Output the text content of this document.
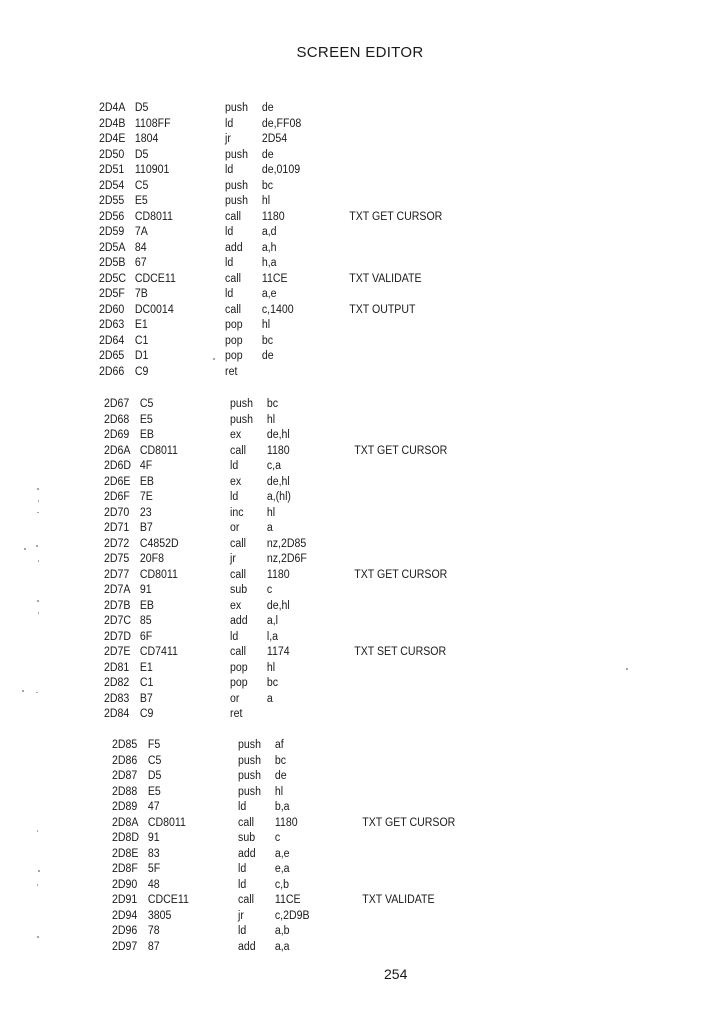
SCREEN EDITOR
2D4A D5	push de
2D4B 1108FF	ld de,FF08
2D4E 1804	jr	2D54
2D50 D5	push de
2D51 110901	ld de,0109
2D54 C5	push bc
2D55 E5	push hl
2D56 CD8011	call 1180	TXT GET CURSOR
2D59 7A	ld a,d
2D5A 84	add a,h
2D5B 67	ld h,a
2D5C CDCE11	call 11CE	TXT VALIDATE
2D5F 7B	ld a,e
2D60 DC0014	call c,1400	TXT OUTPUT
2D63 E1	pop hl
2D64 C1	pop bc
2D65 D1	pop de
2D66 C9	ret
2D67 C5	push bc
2D68 E5	push hl
2D69 EB	ex de,hl
2D6A CD8011	call 1180	TXT GET CURSOR
2D6D 4F	ld c,a
2D6E EB	ex de,hl
2D6F 7E	ld a,(hl)
2D70 23	inc hl
2D71 B7	or a
2D72 C4852D	call nz,2D85
2D75 20F8	jr	nz,2D6F
2D77 CD8011	call 1180	TXT GET CURSOR
2D7A 91	sub c
2D7B EB	ex de,hl
2D7C 85	add a,l
2D7D 6F	ld l,a
2D7E CD7411	call 1174	TXT SET CURSOR
2D81 E1	pop hl
2D82 C1	pop bc
2D83 B7	or a
2D84 C9	ret
2D85 F5	push af
2D86 C5	push bc
2D87 D5	push de
2D88 E5	push hl
2D89 47	ld b,a
2D8A CD8011	call 1180	TXT GET CURSOR
2D8D 91	sub c
2D8E 83	add a,e
2D8F 5F	ld e,a
2D90 48	ld c,b
2D91 CDCE11	call 11CE	TXT VALIDATE
2D94 3805	jr	c,2D9B
2D96 78	ld a,b
2D97 87	add a,a
254
